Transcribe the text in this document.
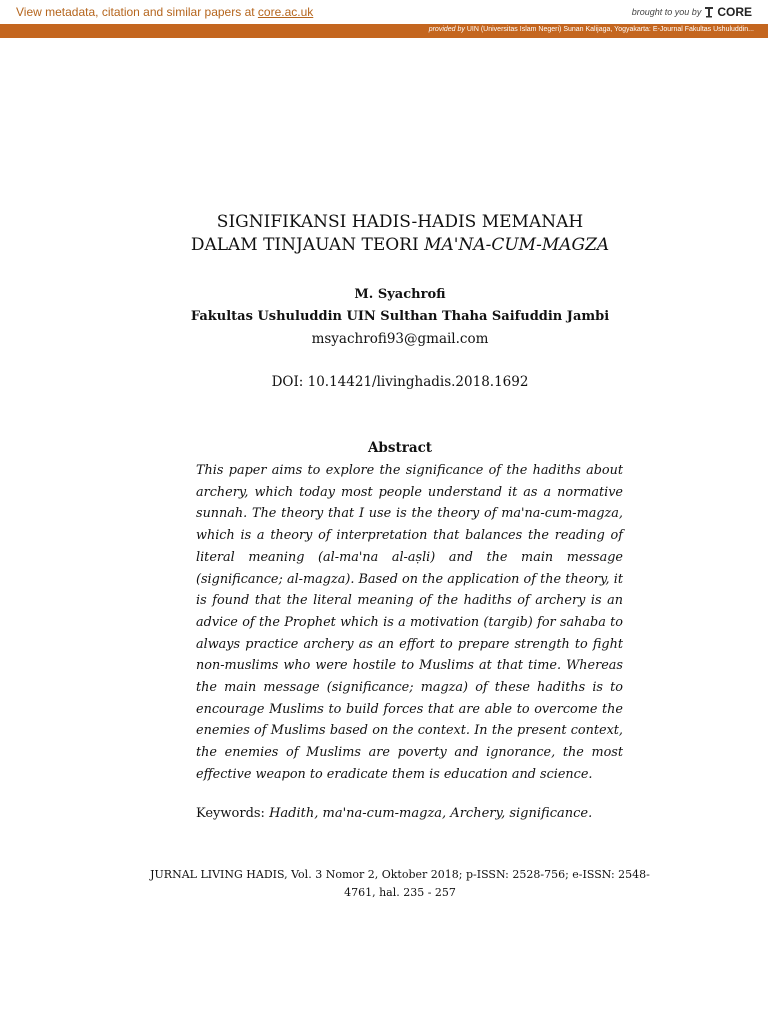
View metadata, citation and similar papers at core.ac.uk	brought to you by CORE
provided by UIN (Universitas Islam Negeri) Sunan Kalijaga, Yogyakarta: E-Journal Fakultas Ushuluddin...
SIGNIFIKANSI HADIS-HADIS MEMANAH
DALAM TINJAUAN TEORI MA'NA-CUM-MAGZA
M. Syachrofi
Fakultas Ushuluddin UIN Sulthan Thaha Saifuddin Jambi
msyachrofi93@gmail.com
DOI: 10.14421/livinghadis.2018.1692
Abstract
This paper aims to explore the significance of the hadiths about archery, which today most people understand it as a normative sunnah. The theory that I use is the theory of ma'na-cum-magza, which is a theory of interpretation that balances the reading of literal meaning (al-ma'na al-aṣli) and the main message (significance; al-magza). Based on the application of the theory, it is found that the literal meaning of the hadiths of archery is an advice of the Prophet which is a motivation (targib) for sahaba to always practice archery as an effort to prepare strength to fight non-muslims who were hostile to Muslims at that time. Whereas the main message (significance; magza) of these hadiths is to encourage Muslims to build forces that are able to overcome the enemies of Muslims based on the context. In the present context, the enemies of Muslims are poverty and ignorance, the most effective weapon to eradicate them is education and science.
Keywords: Hadith, ma'na-cum-magza, Archery, significance.
JURNAL LIVING HADIS, Vol. 3 Nomor 2, Oktober 2018; p-ISSN: 2528-756; e-ISSN: 2548-4761, hal. 235 - 257
